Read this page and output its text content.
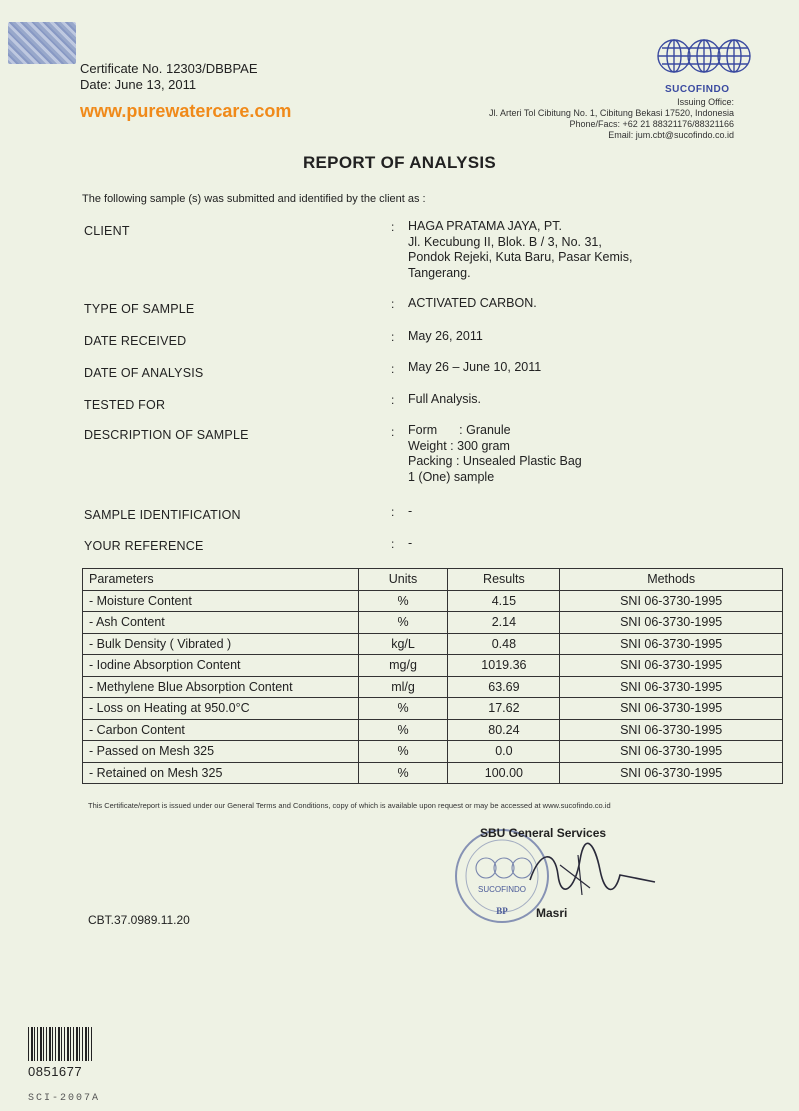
Certificate No. 12303/DBBPAE
Date: June 13, 2011
www.purewatercare.com
SUCOFINDO
Issuing Office:
Jl. Arteri Tol Cibitung No. 1, Cibitung Bekasi 17520, Indonesia
Phone/Facs: +62 21 88321176/88321166
Email: jum.cbt@sucofindo.co.id
REPORT OF ANALYSIS
The following sample (s) was submitted and identified by the client as :
CLIENT	: HAGA PRATAMA JAYA, PT.
Jl. Kecubung II, Blok. B / 3, No. 31,
Pondok Rejeki, Kuta Baru, Pasar Kemis,
Tangerang.
TYPE OF SAMPLE	: ACTIVATED CARBON.
DATE RECEIVED	: May 26, 2011
DATE OF ANALYSIS	: May 26 – June 10, 2011
TESTED FOR	: Full Analysis.
DESCRIPTION OF SAMPLE	: Form : Granule
Weight : 300 gram
Packing : Unsealed Plastic Bag
1 (One) sample
SAMPLE IDENTIFICATION	: -
YOUR REFERENCE	: -
Parameters	Units	Results	Methods
- Moisture Content	%	4.15	SNI 06-3730-1995
- Ash Content	%	2.14	SNI 06-3730-1995
- Bulk Density ( Vibrated )	kg/L	0.48	SNI 06-3730-1995
- Iodine Absorption Content	mg/g	1019.36	SNI 06-3730-1995
- Methylene Blue Absorption Content	ml/g	63.69	SNI 06-3730-1995
- Loss on Heating at 950.0°C	%	17.62	SNI 06-3730-1995
- Carbon Content	%	80.24	SNI 06-3730-1995
- Passed on Mesh 325	%	0.0	SNI 06-3730-1995
- Retained on Mesh 325	%	100.00	SNI 06-3730-1995
This Certificate/report is issued under our General Terms and Conditions, copy of which is available upon request or may be accessed at www.sucofindo.co.id
SUCOFINDO
BP
SBU General Services
Masri
CBT.37.0989.11.20
0851677
SCI-2007A
